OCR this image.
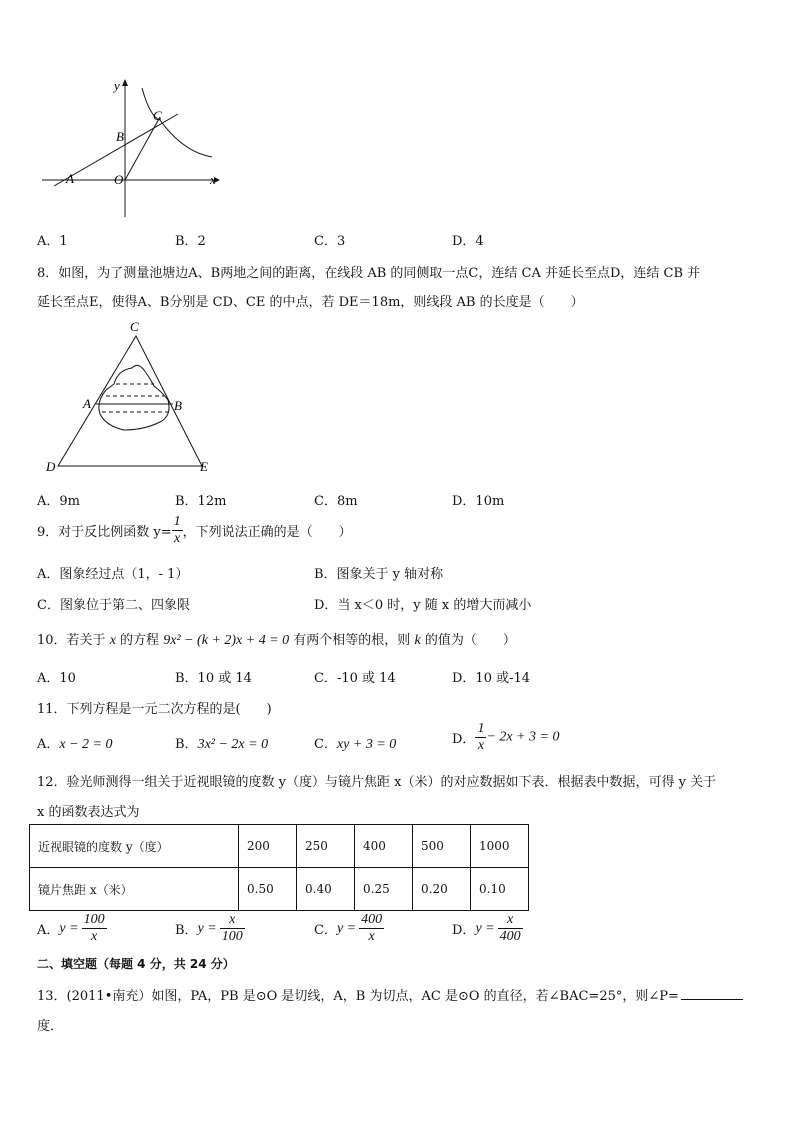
y
x
A
B
C
O
A．1	B．2	C．3	D．4
8．如图，为了测量池塘边A、B两地之间的距离，在线段 AB 的同侧取一点C，连结 CA 并延长至点D，连结 CB 并
延长至点E，使得A、B分别是 CD、CE 的中点，若 DE＝18m，则线段 AB 的长度是（　　）
C
A	B
D	E
A．9m	B．12m	C．8m	D．10m
9．对于反比例函数 $y= \frac{1}{x}$ ，下列说法正确的是（　　）
A．图象经过点（1，- 1）	B．图象关于 y 轴对称
C．图象位于第二、四象限	D．当 x＜0 时，y 随 x 的增大而减小
10．若关于 x 的方程 9x² − (k + 2)x + 4 = 0 有两个相等的根，则 k 的值为（　　）
A．10	B．10 或 14	C．-10 或 14	D．10 或-14
11．下列方程是一元二次方程的是(　　)
A．x − 2 = 0	B．3x² − 2x = 0	C．xy + 3 = 0	D． $\frac{1}{x} - 2x + 3 = 0$
12．验光师测得一组关于近视眼镜的度数 y（度）与镜片焦距 x（米）的对应数据如下表．根据表中数据，可得 y 关于
x 的函数表达式为
近视眼镜的度数 y（度）	200	250	400	500	1000
镜片焦距 x（米）	0.50	0.40	0.25	0.20	0.10
A．$y = \frac{100}{x}$	B．$y = \frac{x}{100}$	C．$y = \frac{400}{x}$	D．$y = \frac{x}{400}$
二、填空题（每题 4 分，共 24 分）
13．(2011•南充）如图，PA，PB 是⊙O 是切线，A，B 为切点，AC 是⊙O 的直径，若∠BAC=25°，则∠P=
度．
